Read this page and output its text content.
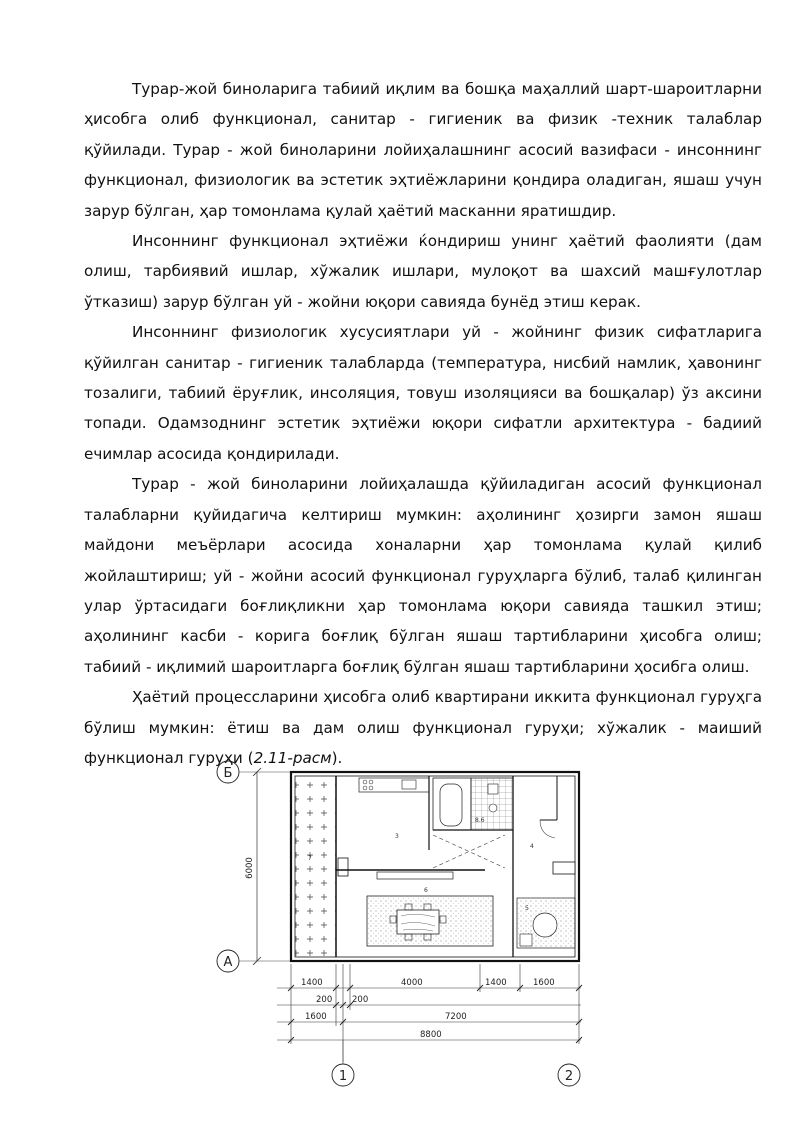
Турар-жой биноларига табиий иқлим ва бошқа маҳаллий шарт-шароитларни ҳисобга олиб функционал, санитар - гигиеник ва физик -техник талаблар қўйилади. Турар - жой биноларини лойиҳалашнинг асосий вазифаси - инсоннинг функционал, физиологик ва эстетик эҳтиёжларини қондира оладиган, яшаш учун зарур бўлган, ҳар томонлама қулай ҳаётий масканни яратишдир.

Инсоннинг функционал эҳтиёжи ќондириш унинг ҳаётий фаолияти (дам олиш, тарбиявий ишлар, хўжалик ишлари, мулоқот ва шахсий машғулотлар ўтказиш) зарур бўлган уй - жойни юқори савияда бунёд этиш керак.

Инсоннинг физиологик хусусиятлари уй - жойнинг физик сифатларига қўйилган санитар - гигиеник талабларда (температура, нисбий намлик, ҳавонинг тозалиги, табиий ёруғлик, инсоляция, товуш изоляцияси ва бошқалар) ўз аксини топади. Одамзоднинг эстетик эҳтиёжи юқори сифатли архитектура - бадиий ечимлар асосида қондирилади.

Турар - жой биноларини лойиҳалашда қўйиладиган асосий функционал талабларни қуйидагича келтириш мумкин: аҳолининг ҳозирги замон яшаш майдони меъёрлари асосида хоналарни ҳар томонлама қулай қилиб жойлаштириш; уй - жойни асосий функционал гуруҳларга бўлиб, талаб қилинган улар ўртасидаги боғлиқликни ҳар томонлама юқори савияда ташкил этиш; аҳолининг касби - корига боғлиқ бўлган яшаш тартибларини ҳисобга олиш; табиий - иқлимий шароитларга боғлиқ бўлган яшаш тартибларини ҳосибга олиш.

Ҳаётий процессларини ҳисобга олиб квартирани иккита функционал гуруҳга бўлиш мумкин: ётиш ва дам олиш функционал гуруҳи; хўжалик - маиший функционал гуруҳи (2.11-расм).

Б
А
6000
3
7
8.6
4
6
5
1400	4000	1400	1600
200 200
1600	7200
8800
1	2
